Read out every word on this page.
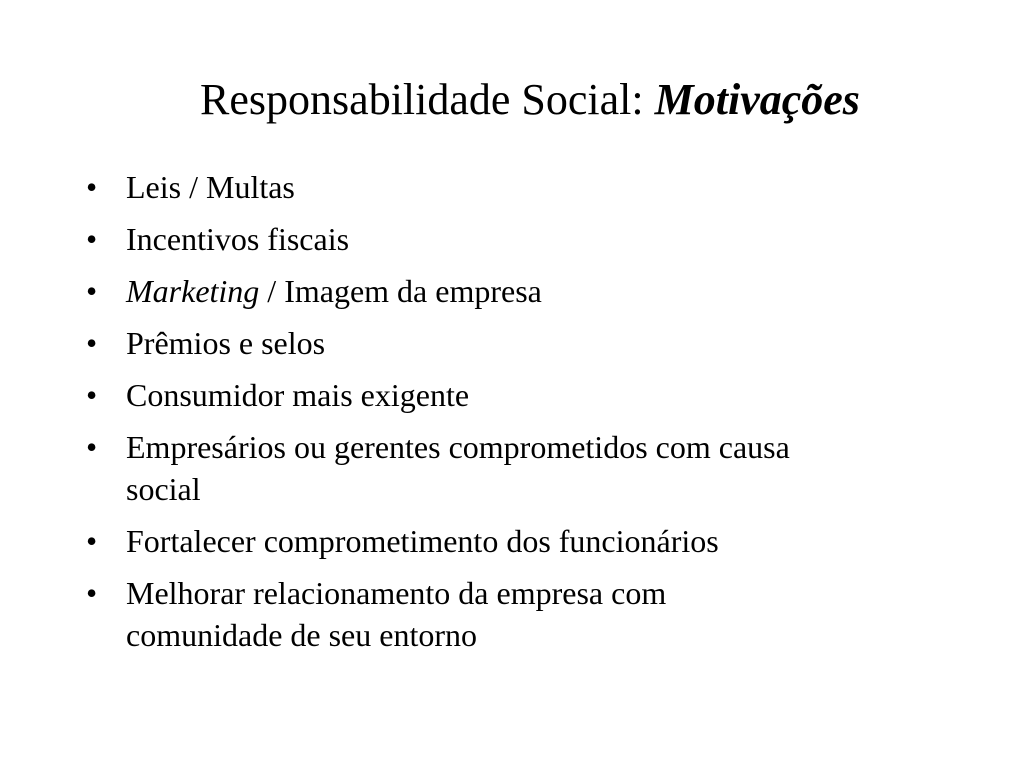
Responsabilidade Social: Motivações
• Leis / Multas
• Incentivos fiscais
• Marketing / Imagem da empresa
• Prêmios e selos
• Consumidor mais exigente
• Empresários ou gerentes comprometidos com causa social
• Fortalecer comprometimento dos funcionários
• Melhorar relacionamento da empresa com comunidade de seu entorno
